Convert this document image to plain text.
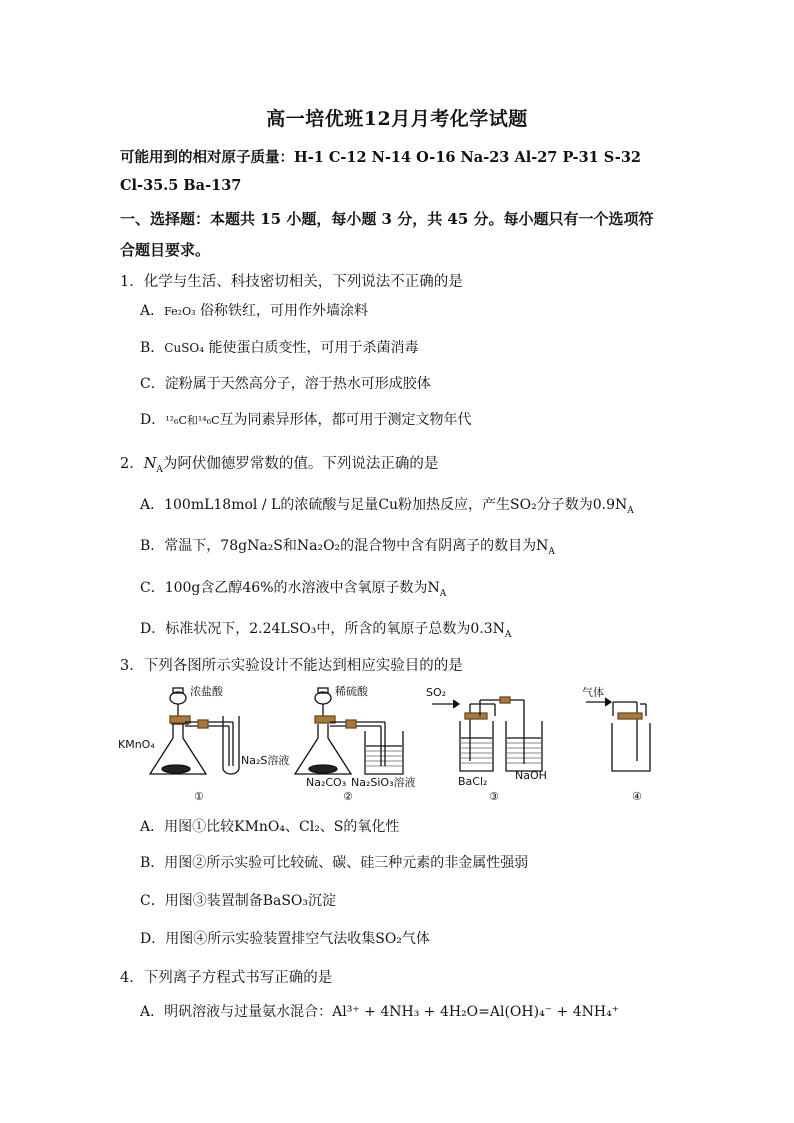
高一培优班12月月考化学试题
可能用到的相对原子质量：H-1 C-12 N-14 O-16 Na-23 Al-27 P-31 S-32
Cl-35.5 Ba-137
一、选择题：本题共 15 小题，每小题 3 分，共 45 分。每小题只有一个选项符
合题目要求。
1．化学与生活、科技密切相关，下列说法不正确的是
A．Fe₂O₃ 俗称铁红，可用作外墙涂料
B．CuSO₄ 能使蛋白质变性，可用于杀菌消毒
C．淀粉属于天然高分子，溶于热水可形成胶体
D．¹²₆C和¹⁴₆C互为同素异形体，都可用于测定文物年代
2．$N_A$为阿伏伽德罗常数的值。下列说法正确的是
A．100mL18mol / L的浓硫酸与足量Cu粉加热反应，产生SO₂分子数为$0.9N_A$
B．常温下，78gNa₂S和Na₂O₂的混合物中含有阴离子的数目为$N_A$
C．100g含乙醇46%的水溶液中含氧原子数为$N_A$
D．标准状况下，2.24LSO₃中，所含的氧原子总数为$0.3N_A$
3．下列各图所示实验设计不能达到相应实验目的的是
浓盐酸
KMnO₄
Na₂S溶液
稀硫酸
Na₂CO₃ Na₂SiO₃溶液
SO₂
BaCl₂	NaOH
气体
①	②	③	④
A．用图①比较KMnO₄、Cl₂、S的氧化性
B．用图②所示实验可比较硫、碳、硅三种元素的非金属性强弱
C．用图③装置制备BaSO₃沉淀
D．用图④所示实验装置排空气法收集SO₂气体
4．下列离子方程式书写正确的是
A．明矾溶液与过量氨水混合：Al³⁺ + 4NH₃ + 4H₂O=Al(OH)₄⁻ + 4NH₄⁺
